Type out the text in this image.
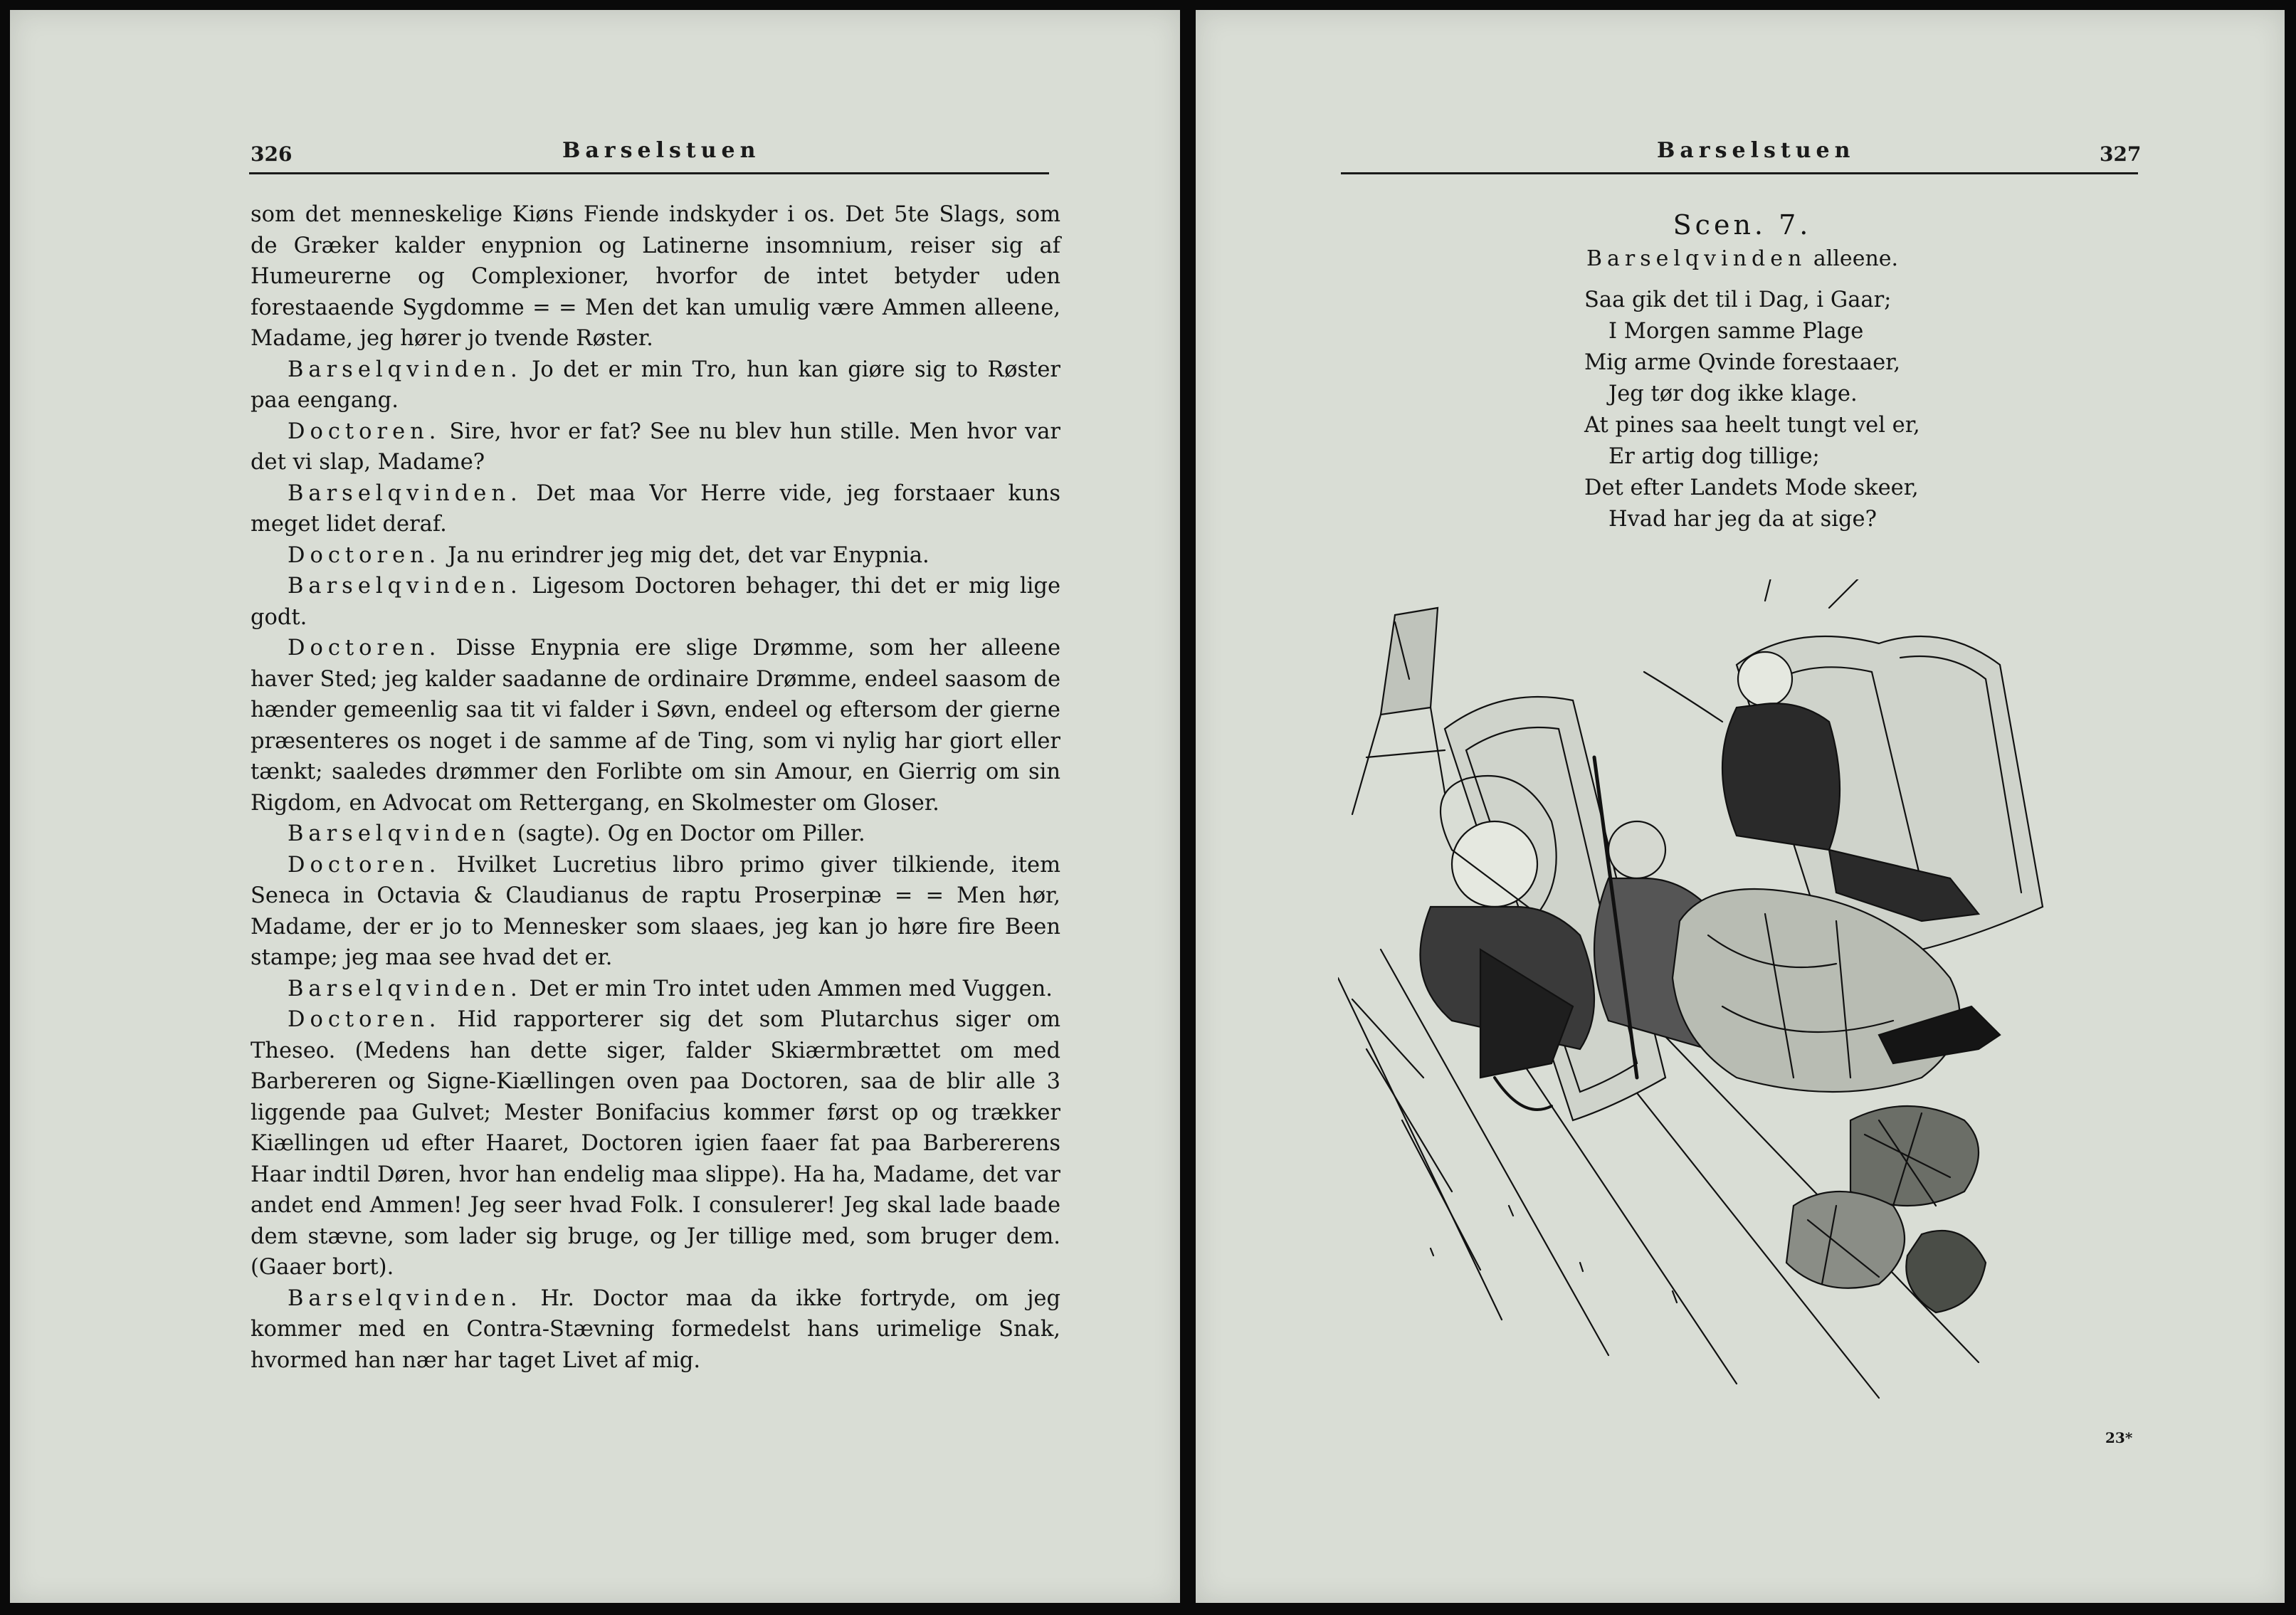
326	Barselstuen

som det menneskelige Kiøns Fiende indskyder i os. Det 5te Slags, som de Græker kalder enypnion og Latinerne insomnium, reiser sig af Humeurerne og Complexioner, hvorfor de intet betyder uden forestaaende Sygdomme = = Men det kan umulig være Ammen alleene, Madame, jeg hører jo tvende Røster.

Barselqvinden. Jo det er min Tro, hun kan giøre sig to Røster paa eengang.

Doctoren. Sire, hvor er fat? See nu blev hun stille. Men hvor var det vi slap, Madame?

Barselqvinden. Det maa Vor Herre vide, jeg forstaaer kuns meget lidet deraf.

Doctoren. Ja nu erindrer jeg mig det, det var Enypnia.

Barselqvinden. Ligesom Doctoren behager, thi det er mig lige godt.

Doctoren. Disse Enypnia ere slige Drømme, som her alleene haver Sted; jeg kalder saadanne de ordinaire Drømme, endeel saasom de hænder gemeenlig saa tit vi falder i Søvn, endeel og eftersom der gierne præsenteres os noget i de samme af de Ting, som vi nylig har giort eller tænkt; saaledes drømmer den Forlibte om sin Amour, en Gierrig om sin Rigdom, en Advocat om Rettergang, en Skolmester om Gloser.

Barselqvinden (sagte). Og en Doctor om Piller.

Doctoren. Hvilket Lucretius libro primo giver tilkiende, item Seneca in Octavia & Claudianus de raptu Proserpinæ = = Men hør, Madame, der er jo to Mennesker som slaaes, jeg kan jo høre fire Been stampe; jeg maa see hvad det er.

Barselqvinden. Det er min Tro intet uden Ammen med Vuggen.

Doctoren. Hid rapporterer sig det som Plutarchus siger om Theseo. (Medens han dette siger, falder Skiærmbrættet om med Barbereren og Signe-Kiællingen oven paa Doctoren, saa de blir alle 3 liggende paa Gulvet; Mester Bonifacius kommer først op og trækker Kiællingen ud efter Haaret, Doctoren igien faaer fat paa Barbererens Haar indtil Døren, hvor han endelig maa slippe). Ha ha, Madame, det var andet end Ammen! Jeg seer hvad Folk. I consulerer! Jeg skal lade baade dem stævne, som lader sig bruge, og Jer tillige med, som bruger dem. (Gaaer bort).

Barselqvinden. Hr. Doctor maa da ikke fortryde, om jeg kommer med en Contra-Stævning formedelst hans urimelige Snak, hvormed han nær har taget Livet af mig.

Barselstuen	327
Scen. 7.
Barselqvinden alleene.
Saa gik det til i Dag, i Gaar;
I Morgen samme Plage
Mig arme Qvinde forestaaer,
Jeg tør dog ikke klage.
At pines saa heelt tungt vel er,
Er artig dog tillige;
Det efter Landets Mode skeer,
Hvad har jeg da at sige?
23*
